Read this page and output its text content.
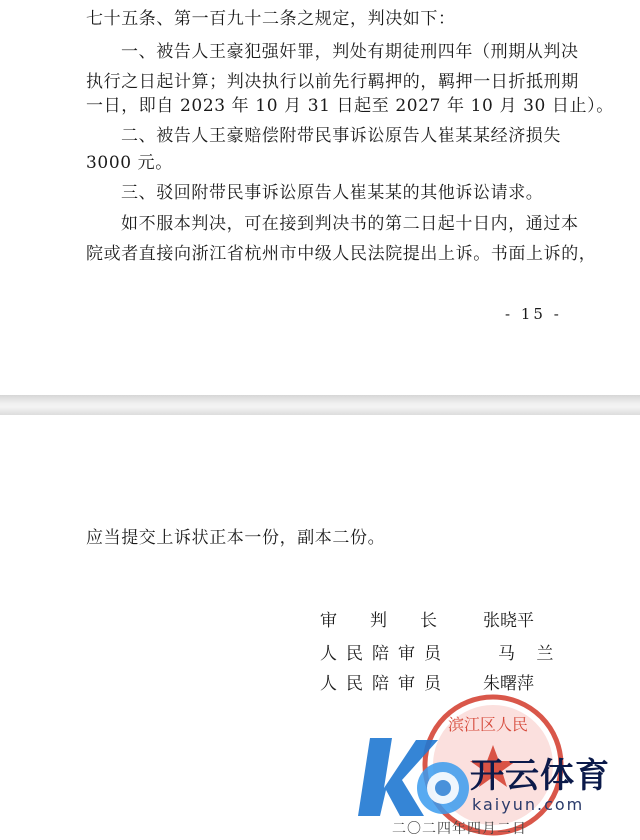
七十五条、第一百九十二条之规定，判决如下：
一、被告人王豪犯强奸罪，判处有期徒刑四年（刑期从判决
执行之日起计算；判决执行以前先行羁押的，羁押一日折抵刑期
一日，即自 2023 年 10 月 31 日起至 2027 年 10 月 30 日止）。
二、被告人王豪赔偿附带民事诉讼原告人崔某某经济损失
3000 元。
三、驳回附带民事诉讼原告人崔某某的其他诉讼请求。
如不服本判决，可在接到判决书的第二日起十日内，通过本
院或者直接向浙江省杭州市中级人民法院提出上诉。书面上诉的，
- 15 -
应当提交上诉状正本一份，副本二份。
审判长 张晓平
人民陪审员	马 兰
人民陪审员 朱曙萍
滨江区人民
开云体育
kaiyun.com
二〇二四年四月二日
